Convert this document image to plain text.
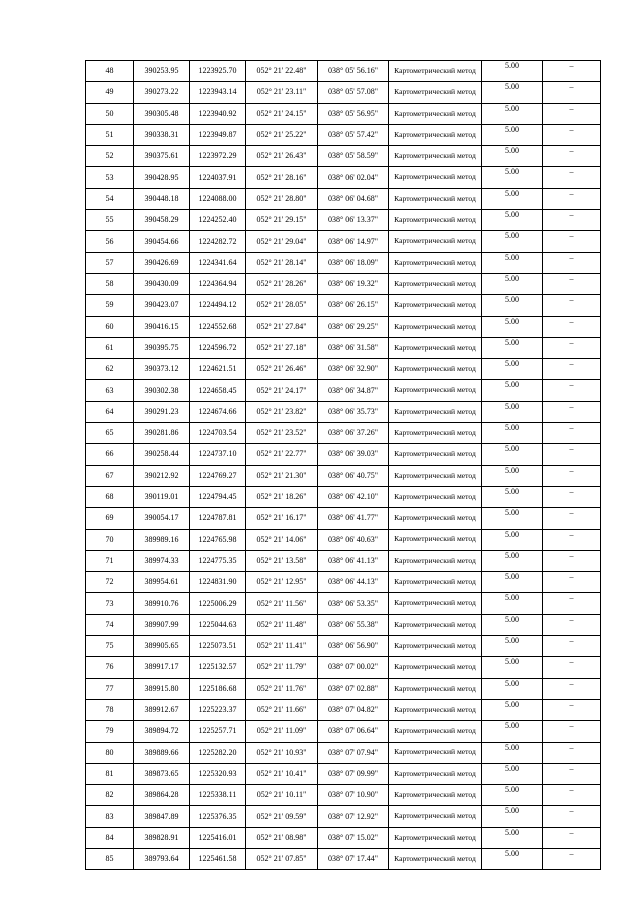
48	390253.95	1223925.70	052° 21' 22.48"	038° 05' 56.16"	Картометрический метод	5.00	–
49	390273.22	1223943.14	052° 21' 23.11"	038° 05' 57.08"	Картометрический метод	5.00	–
50	390305.48	1223940.92	052° 21' 24.15"	038° 05' 56.95"	Картометрический метод	5.00	–
51	390338.31	1223949.87	052° 21' 25.22"	038° 05' 57.42"	Картометрический метод	5.00	–
52	390375.61	1223972.29	052° 21' 26.43"	038° 05' 58.59"	Картометрический метод	5.00	–
53	390428.95	1224037.91	052° 21' 28.16"	038° 06' 02.04"	Картометрический метод	5.00	–
54	390448.18	1224088.00	052° 21' 28.80"	038° 06' 04.68"	Картометрический метод	5.00	–
55	390458.29	1224252.40	052° 21' 29.15"	038° 06' 13.37"	Картометрический метод	5.00	–
56	390454.66	1224282.72	052° 21' 29.04"	038° 06' 14.97"	Картометрический метод	5.00	–
57	390426.69	1224341.64	052° 21' 28.14"	038° 06' 18.09"	Картометрический метод	5.00	–
58	390430.09	1224364.94	052° 21' 28.26"	038° 06' 19.32"	Картометрический метод	5.00	–
59	390423.07	1224494.12	052° 21' 28.05"	038° 06' 26.15"	Картометрический метод	5.00	–
60	390416.15	1224552.68	052° 21' 27.84"	038° 06' 29.25"	Картометрический метод	5.00	–
61	390395.75	1224596.72	052° 21' 27.18"	038° 06' 31.58"	Картометрический метод	5.00	–
62	390373.12	1224621.51	052° 21' 26.46"	038° 06' 32.90"	Картометрический метод	5.00	–
63	390302.38	1224658.45	052° 21' 24.17"	038° 06' 34.87"	Картометрический метод	5.00	–
64	390291.23	1224674.66	052° 21' 23.82"	038° 06' 35.73"	Картометрический метод	5.00	–
65	390281.86	1224703.54	052° 21' 23.52"	038° 06' 37.26"	Картометрический метод	5.00	–
66	390258.44	1224737.10	052° 21' 22.77"	038° 06' 39.03"	Картометрический метод	5.00	–
67	390212.92	1224769.27	052° 21' 21.30"	038° 06' 40.75"	Картометрический метод	5.00	–
68	390119.01	1224794.45	052° 21' 18.26"	038° 06' 42.10"	Картометрический метод	5.00	–
69	390054.17	1224787.81	052° 21' 16.17"	038° 06' 41.77"	Картометрический метод	5.00	–
70	389989.16	1224765.98	052° 21' 14.06"	038° 06' 40.63"	Картометрический метод	5.00	–
71	389974.33	1224775.35	052° 21' 13.58"	038° 06' 41.13"	Картометрический метод	5.00	–
72	389954.61	1224831.90	052° 21' 12.95"	038° 06' 44.13"	Картометрический метод	5.00	–
73	389910.76	1225006.29	052° 21' 11.56"	038° 06' 53.35"	Картометрический метод	5.00	–
74	389907.99	1225044.63	052° 21' 11.48"	038° 06' 55.38"	Картометрический метод	5.00	–
75	389905.65	1225073.51	052° 21' 11.41"	038° 06' 56.90"	Картометрический метод	5.00	–
76	389917.17	1225132.57	052° 21' 11.79"	038° 07' 00.02"	Картометрический метод	5.00	–
77	389915.80	1225186.68	052° 21' 11.76"	038° 07' 02.88"	Картометрический метод	5.00	–
78	389912.67	1225223.37	052° 21' 11.66"	038° 07' 04.82"	Картометрический метод	5.00	–
79	389894.72	1225257.71	052° 21' 11.09"	038° 07' 06.64"	Картометрический метод	5.00	–
80	389889.66	1225282.20	052° 21' 10.93"	038° 07' 07.94"	Картометрический метод	5.00	–
81	389873.65	1225320.93	052° 21' 10.41"	038° 07' 09.99"	Картометрический метод	5.00	–
82	389864.28	1225338.11	052° 21' 10.11"	038° 07' 10.90"	Картометрический метод	5.00	–
83	389847.89	1225376.35	052° 21' 09.59"	038° 07' 12.92"	Картометрический метод	5.00	–
84	389828.91	1225416.01	052° 21' 08.98"	038° 07' 15.02"	Картометрический метод	5.00	–
85	389793.64	1225461.58	052° 21' 07.85"	038° 07' 17.44"	Картометрический метод	5.00	–
